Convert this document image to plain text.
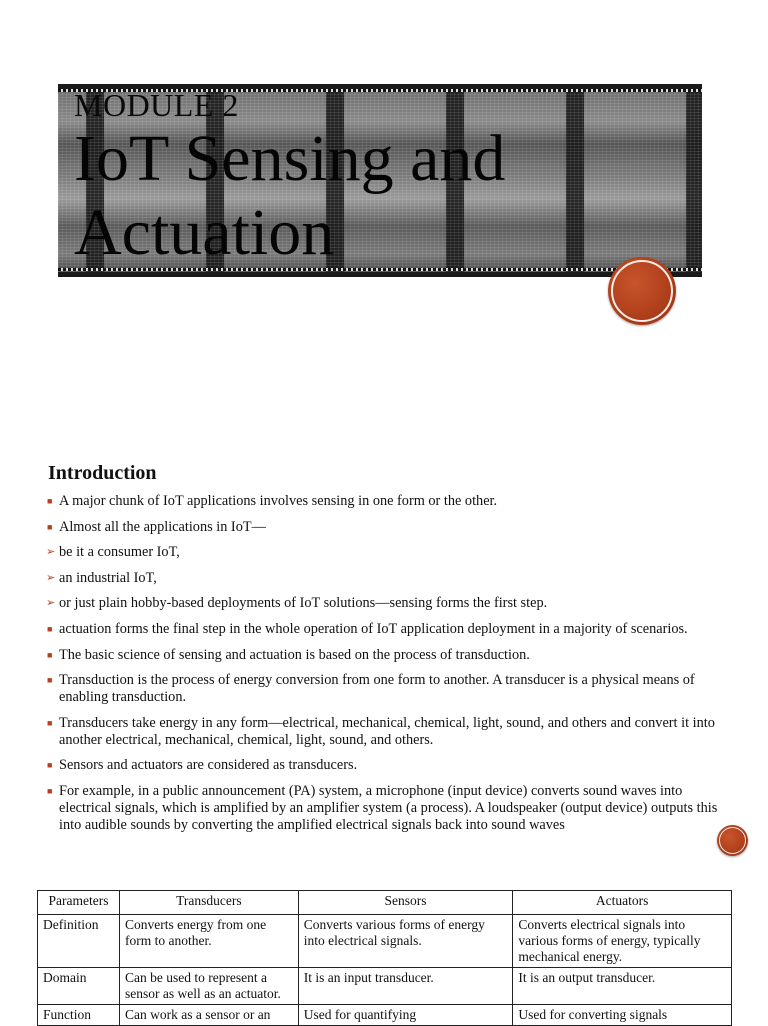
MODULE 2
IoT Sensing and Actuation
Introduction
■ A major chunk of IoT applications involves sensing in one form or the other.
■ Almost all the applications in IoT—
➢ be it a consumer IoT,
➢ an industrial IoT,
➢ or just plain hobby-based deployments of IoT solutions—sensing forms the first step.
■ actuation forms the final step in the whole operation of IoT application deployment in a majority of scenarios.
■ The basic science of sensing and actuation is based on the process of transduction.
■ Transduction is the process of energy conversion from one form to another. A transducer is a physical means of enabling transduction.
■ Transducers take energy in any form—electrical, mechanical, chemical, light, sound, and others and convert it into another electrical, mechanical, chemical, light, sound, and others.
■ Sensors and actuators are considered as transducers.
■ For example, in a public announcement (PA) system, a microphone (input device) converts sound waves into electrical signals, which is amplified by an amplifier system (a process). A loudspeaker (output device) outputs this into audible sounds by converting the amplified electrical signals back into sound waves
Parameters	Transducers	Sensors	Actuators
Definition	Converts energy from one form to another.	Converts various forms of energy into electrical signals.	Converts electrical signals into various forms of energy, typically mechanical energy.
Domain	Can be used to represent a sensor as well as an actuator.	It is an input transducer.	It is an output transducer.
Function	Can work as a sensor or an	Used for quantifying	Used for converting signals
